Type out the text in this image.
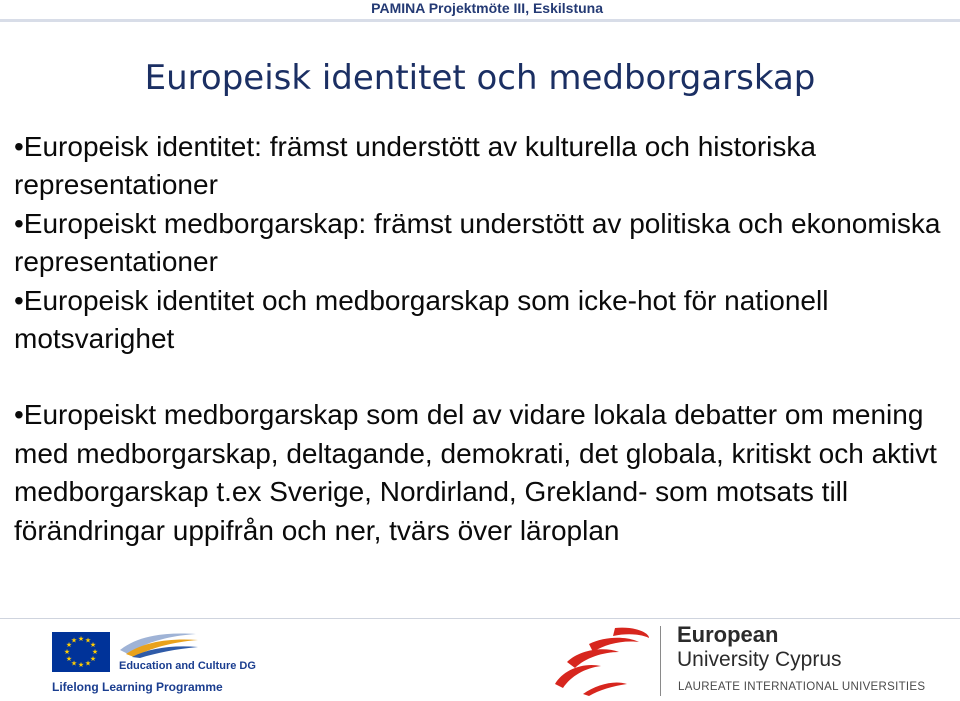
PAMINA Projektmöte III, Eskilstuna
Europeisk identitet och medborgarskap

•Europeisk identitet: främst understött av kulturella och historiska representationer

•Europeiskt medborgarskap: främst understött av politiska och ekonomiska representationer

•Europeisk identitet och medborgarskap som icke-hot för nationell motsvarighet

•Europeiskt medborgarskap som del av vidare lokala debatter om mening med medborgarskap, deltagande, demokrati, det globala, kritiskt och aktivt medborgarskap t.ex Sverige, Nordirland, Grekland- som motsats till förändringar uppifrån och ner, tvärs över läroplan

★ ★
★
★
★
★
★
★
★
★
★
★
Education and Culture DG
Lifelong Learning Programme
European
University Cyprus
LAUREATE INTERNATIONAL UNIVERSITIES
